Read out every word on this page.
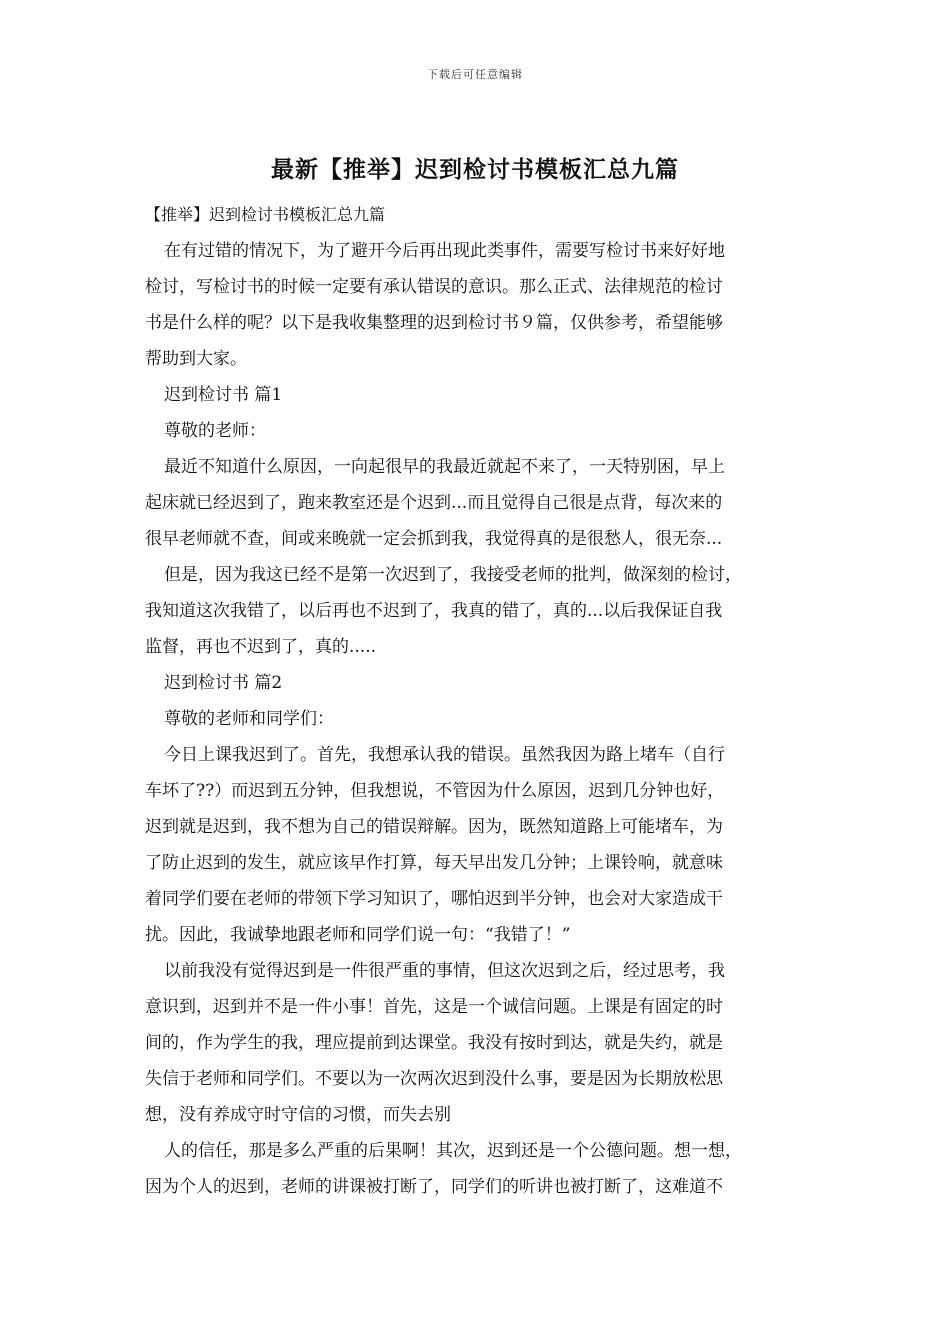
下载后可任意编辑
最新【推举】迟到检讨书模板汇总九篇
【推举】迟到检讨书模板汇总九篇
在有过错的情况下，为了避开今后再出现此类事件，需要写检讨书来好好地
检讨，写检讨书的时候一定要有承认错误的意识。那么正式、法律规范的检讨
书是什么样的呢？以下是我收集整理的迟到检讨书９篇，仅供参考，希望能够
帮助到大家。
迟到检讨书 篇1
尊敬的老师：
最近不知道什么原因，一向起很早的我最近就起不来了，一天特别困，早上
起床就已经迟到了，跑来教室还是个迟到...而且觉得自己很是点背，每次来的
很早老师就不查，间或来晚就一定会抓到我，我觉得真的是很愁人，很无奈...
但是，因为我这已经不是第一次迟到了，我接受老师的批判，做深刻的检讨，
我知道这次我错了，以后再也不迟到了，我真的错了，真的...以后我保证自我
监督，再也不迟到了，真的.....
迟到检讨书 篇2
尊敬的老师和同学们：
今日上课我迟到了。首先，我想承认我的错误。虽然我因为路上堵车（自行
车坏了??）而迟到五分钟，但我想说，不管因为什么原因，迟到几分钟也好，
迟到就是迟到，我不想为自己的错误辩解。因为，既然知道路上可能堵车，为
了防止迟到的发生，就应该早作打算，每天早出发几分钟；上课铃响，就意味
着同学们要在老师的带领下学习知识了，哪怕迟到半分钟，也会对大家造成干
扰。因此，我诚挚地跟老师和同学们说一句：“我错了！”
以前我没有觉得迟到是一件很严重的事情，但这次迟到之后，经过思考，我
意识到，迟到并不是一件小事！首先，这是一个诚信问题。上课是有固定的时
间的，作为学生的我，理应提前到达课堂。我没有按时到达，就是失约，就是
失信于老师和同学们。不要以为一次两次迟到没什么事，要是因为长期放松思
想，没有养成守时守信的习惯，而失去别
人的信任，那是多么严重的后果啊！其次，迟到还是一个公德问题。想一想，
因为个人的迟到，老师的讲课被打断了，同学们的听讲也被打断了，这难道不
